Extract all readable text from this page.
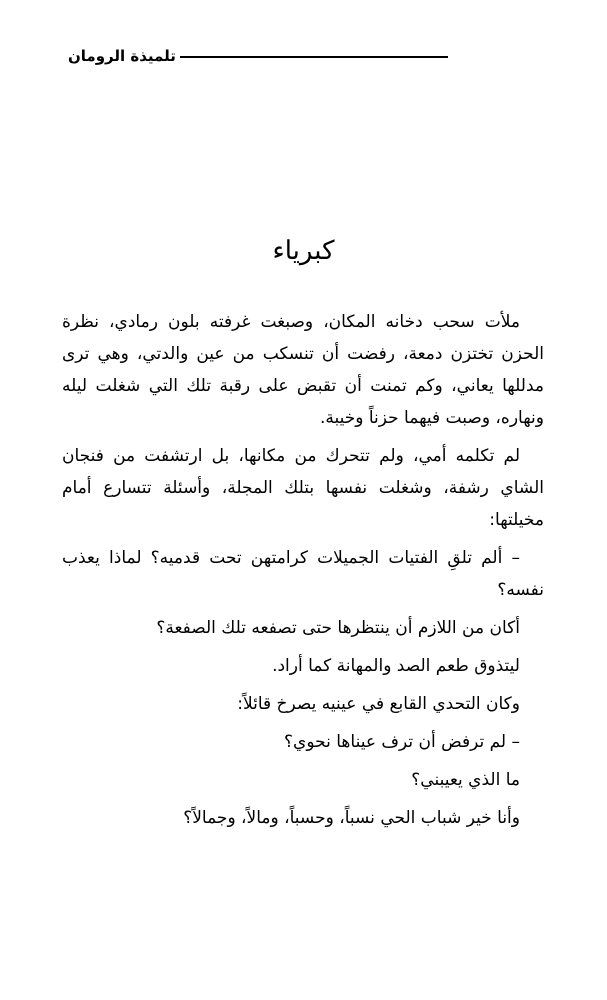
تلميذة الرومان
كبرياء

ملأت سحب دخانه المكان، وصبغت غرفته بلون رمادي، نظرة الحزن تختزن دمعة، رفضت أن تنسكب من عين والدتي، وهي ترى مدللها يعاني، وكم تمنت أن تقبض على رقبة تلك التي شغلت ليله ونهاره، وصبت فيهما حزناً وخيبة.

لم تكلمه أمي، ولم تتحرك من مكانها، بل ارتشفت من فنجان الشاي رشفة، وشغلت نفسها بتلك المجلة، وأسئلة تتسارع أمام مخيلتها:

– ألم تلقِ الفتيات الجميلات كرامتهن تحت قدميه؟ لماذا يعذب نفسه؟

أكان من اللازم أن ينتظرها حتى تصفعه تلك الصفعة؟

ليتذوق طعم الصد والمهانة كما أراد.

وكان التحدي القابع في عينيه يصرخ قائلاً:

– لم ترفض أن ترف عيناها نحوي؟

ما الذي يعيبني؟

وأنا خير شباب الحي نسباً، وحسباً، ومالاً، وجمالاً؟
